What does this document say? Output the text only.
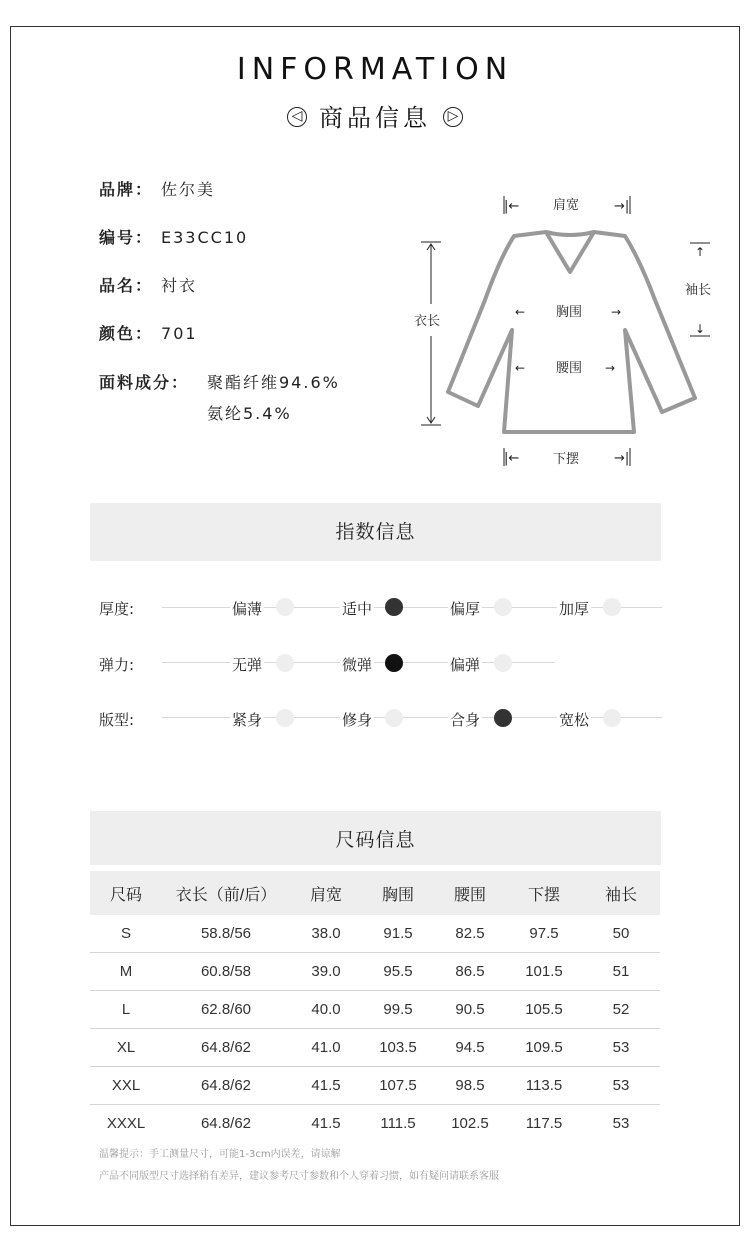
INFORMATION
◁ 商品信息 ▷
品牌： 佐尔美
编号： E33CC10
品名： 衬衣
颜色： 701
面料成分： 聚酯纤维94.6%
氨纶5.4%
|←	→|
|←	→|
↑
↓
←	→
←	→
肩宽
下摆
衣长
袖长
胸围
腰围
指数信息
厚度:	偏薄	适中	偏厚	加厚
弹力:	无弹	微弹	偏弹
版型:	紧身	修身	合身	宽松
尺码信息
尺码	衣长（前/后）	肩宽	胸围	腰围	下摆	袖长
S	58.8/56	38.0	91.5	82.5	97.5	50
M	60.8/58	39.0	95.5	86.5	101.5	51
L	62.8/60	40.0	99.5	90.5	105.5	52
XL	64.8/62	41.0	103.5	94.5	109.5	53
XXL	64.8/62	41.5	107.5	98.5	113.5	53
XXXL	64.8/62	41.5	111.5	102.5	117.5	53
温馨提示：手工测量尺寸，可能1-3cm内误差，请谅解
产品不同版型尺寸选择稍有差异，建议参考尺寸参数和个人穿着习惯，如有疑问请联系客服
